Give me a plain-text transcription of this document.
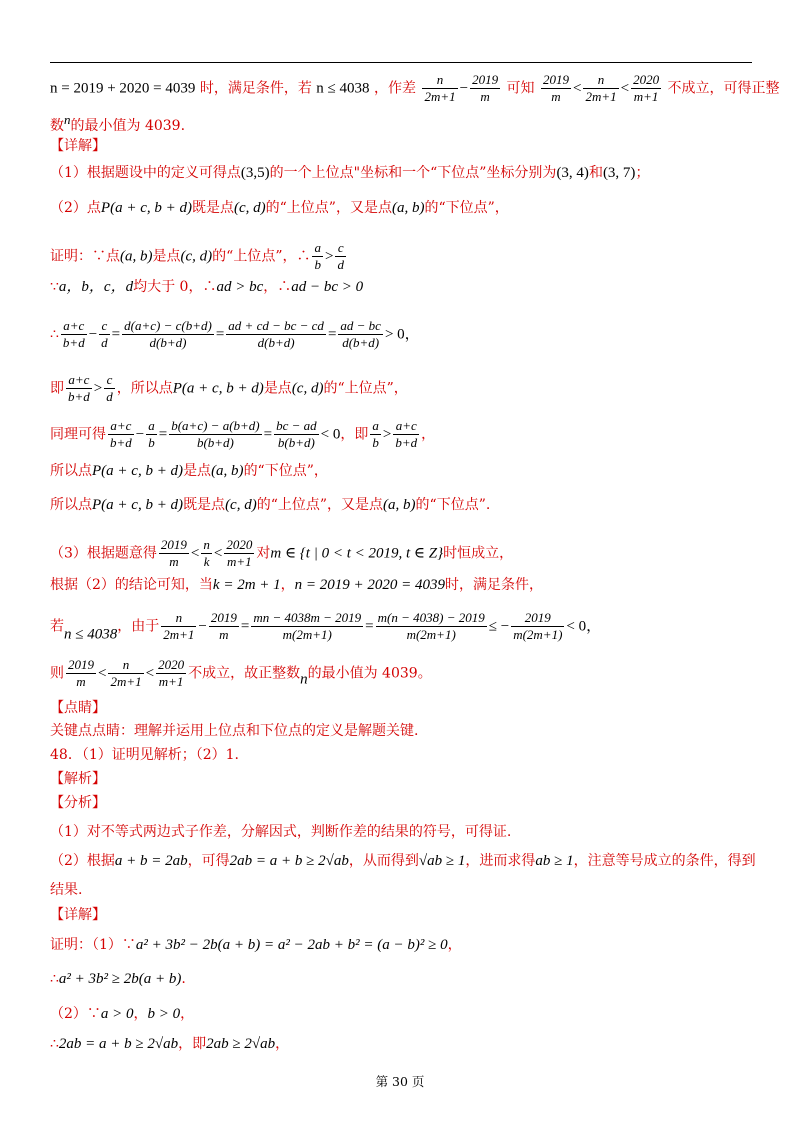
n = 2019 + 2020 = 4039 时，满足条件，若 n ≤ 4038 ，作差 $\frac{n}{2m+1} - \frac{2019}{m}$ 可知 $\frac{2019}{m} < \frac{n}{2m+1} < \frac{2020}{m+1}$ 不成立，可得正整
数n的最小值为 4039.
【详解】
（1）根据题设中的定义可得点(3,5)的一个上位点"坐标和一个“下位点”坐标分别为(3, 4)和(3, 7)；
（2）点P(a + c, b + d)既是点(c, d)的“上位点”，又是点(a, b)的“下位点”，
证明：∵点(a, b)是点(c, d)的“上位点”，∴ $\frac{a}{b} > \frac{c}{d}$
∵a，b，c，d均大于 0，∴ad > bc，∴ad − bc > 0
∴ $\frac{a+c}{b+d} - \frac{c}{d} = \frac{d(a+c) - c(b+d)}{d(b+d)} = \frac{ad + cd - bc - cd}{d(b+d)} = \frac{ad - bc}{d(b+d)} > 0$，
即 $\frac{a+c}{b+d} > \frac{c}{d}$ ，所以点P(a + c, b + d)是点(c, d)的“上位点”，
同理可得 $\frac{a+c}{b+d} - \frac{a}{b} = \frac{b(a+c) - a(b+d)}{b(b+d)} = \frac{bc - ad}{b(b+d)} < 0$，即 $\frac{a}{b} > \frac{a+c}{b+d}$ ，
所以点P(a + c, b + d)是点(a, b)的“下位点”，
所以点P(a + c, b + d)既是点(c, d)的“上位点”，又是点(a, b)的“下位点”.
（3）根据题意得 $\frac{2019}{m} < \frac{n}{k} < \frac{2020}{m+1}$ 对m ∈ {t | 0 < t < 2019, t ∈ Z}时恒成立，
根据（2）的结论可知，当k = 2m + 1，n = 2019 + 2020 = 4039时，满足条件，
若n ≤ 4038，由于 $\frac{n}{2m+1} - \frac{2019}{m} = \frac{mn - 4038m - 2019}{m(2m+1)} = \frac{m(n - 4038) - 2019}{m(2m+1)}$ ≤ − $\frac{2019}{m(2m+1)} < 0$，
则 $\frac{2019}{m} < \frac{n}{2m+1} < \frac{2020}{m+1}$ 不成立，故正整数n的最小值为 4039。
【点睛】
关键点点睛：理解并运用上位点和下位点的定义是解题关键.
48．（1）证明见解析；（2）1.
【解析】
【分析】
（1）对不等式两边式子作差，分解因式，判断作差的结果的符号，可得证.
（2）根据a + b = 2ab，可得2ab = a + b ≥ 2√ab，从而得到√ab ≥ 1，进而求得ab ≥ 1，注意等号成立的条件，得到
结果.
【详解】
证明：（1）∵a² + 3b² − 2b(a + b) = a² − 2ab + b² = (a − b)² ≥ 0，
∴a² + 3b² ≥ 2b(a + b).
（2）∵a > 0，b > 0，
∴2ab = a + b ≥ 2√ab，即2ab ≥ 2√ab，
第 30 页
